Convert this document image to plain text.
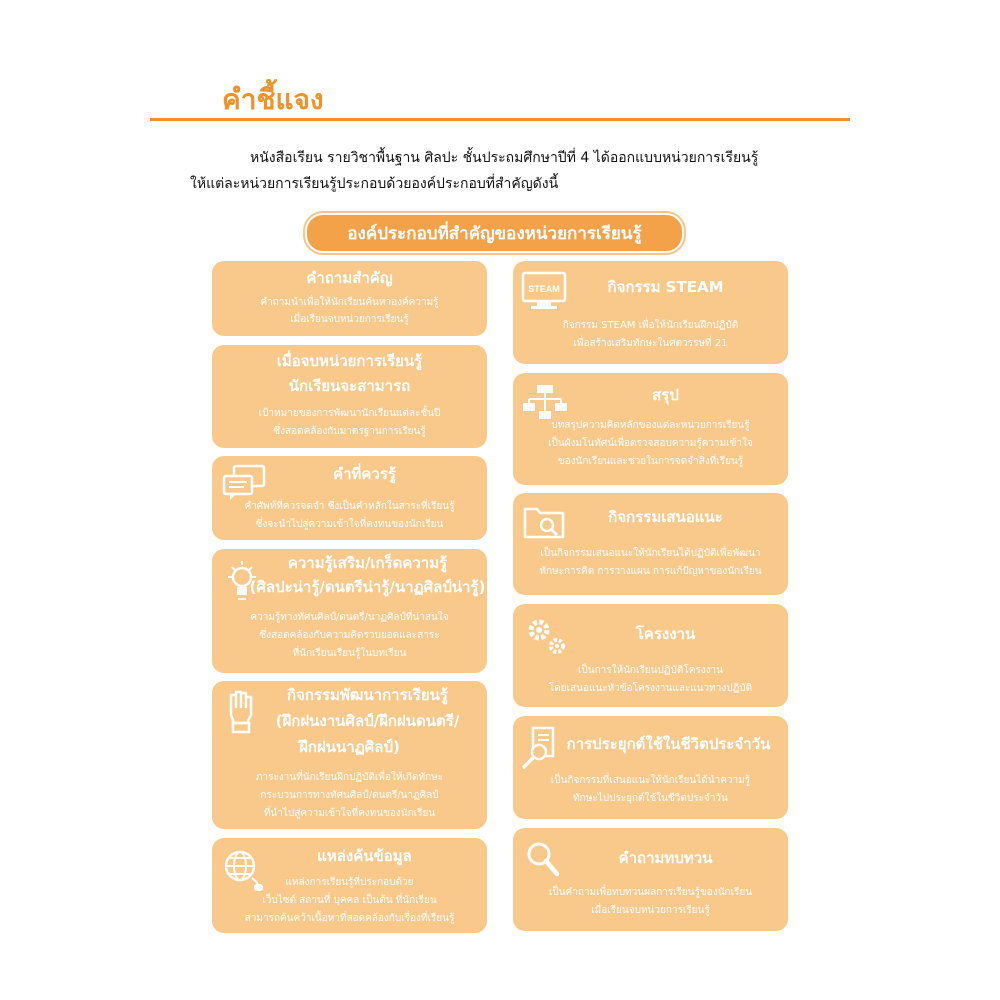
คำชี้แจง

หนังสือเรียน รายวิชาพื้นฐาน ศิลปะ ชั้นประถมศึกษาปีที่ 4 ได้ออกแบบหน่วยการเรียนรู้

ให้แต่ละหน่วยการเรียนรู้ประกอบด้วยองค์ประกอบที่สำคัญดังนี้

องค์ประกอบที่สำคัญของหน่วยการเรียนรู้
คำถามสำคัญ
คำถามนำเพื่อให้นักเรียนค้นหาองค์ความรู้
เมื่อเรียนจบหน่วยการเรียนรู้
เมื่อจบหน่วยการเรียนรู้
นักเรียนจะสามารถ
เป้าหมายของการพัฒนานักเรียนแต่ละชั้นปี
ซึ่งสอดคล้องกับมาตรฐานการเรียนรู้
คำที่ควรรู้
คำศัพท์ที่ควรจดจำ ซึ่งเป็นคำหลักในสาระที่เรียนรู้
ซึ่งจะนำไปสู่ความเข้าใจที่คงทนของนักเรียน
ความรู้เสริม/เกร็ดความรู้
(ศิลปะน่ารู้/ดนตรีน่ารู้/นาฏศิลป์น่ารู้)
ความรู้ทางทัศนศิลป์/ดนตรี/นาฏศิลป์ที่น่าสนใจ
ซึ่งสอดคล้องกับความคิดรวบยอดและสาระ
ที่นักเรียนเรียนรู้ในบทเรียน
กิจกรรมพัฒนาการเรียนรู้
(ฝึกฝนงานศิลป์/ฝึกฝนดนตรี/
ฝึกฝนนาฏศิลป์)
ภาระงานที่นักเรียนฝึกปฏิบัติเพื่อให้เกิดทักษะ
กระบวนการทางทัศนศิลป์/ดนตรี/นาฏศิลป์
ที่นำไปสู่ความเข้าใจที่คงทนของนักเรียน
แหล่งค้นข้อมูล
แหล่งการเรียนรู้ที่ประกอบด้วย
เว็บไซต์ สถานที่ บุคคล เป็นต้น ที่นักเรียน
สามารถค้นคว้าเนื้อหาที่สอดคล้องกับเรื่องที่เรียนรู้
STEAM	กิจกรรม STEAM
กิจกรรม STEAM เพื่อให้นักเรียนฝึกปฏิบัติ
เพื่อสร้างเสริมทักษะในศตวรรษที่ 21
สรุป
บทสรุปความคิดหลักของแต่ละหน่วยการเรียนรู้
เป็นผังมโนทัศน์เพื่อตรวจสอบความรู้ความเข้าใจ
ของนักเรียนและช่วยในการจดจำสิ่งที่เรียนรู้
กิจกรรมเสนอแนะ
เป็นกิจกรรมเสนอแนะให้นักเรียนได้ปฏิบัติเพื่อพัฒนา
ทักษะการคิด การวางแผน การแก้ปัญหาของนักเรียน
โครงงาน
เป็นการให้นักเรียนปฏิบัติโครงงาน
โดยเสนอแนะหัวข้อโครงงานและแนวทางปฏิบัติ
การประยุกต์ใช้ในชีวิตประจำวัน
เป็นกิจกรรมที่เสนอแนะให้นักเรียนได้นำความรู้
ทักษะไปประยุกต์ใช้ในชีวิตประจำวัน
คำถามทบทวน
เป็นคำถามเพื่อทบทวนผลการเรียนรู้ของนักเรียน
เมื่อเรียนจบหน่วยการเรียนรู้
